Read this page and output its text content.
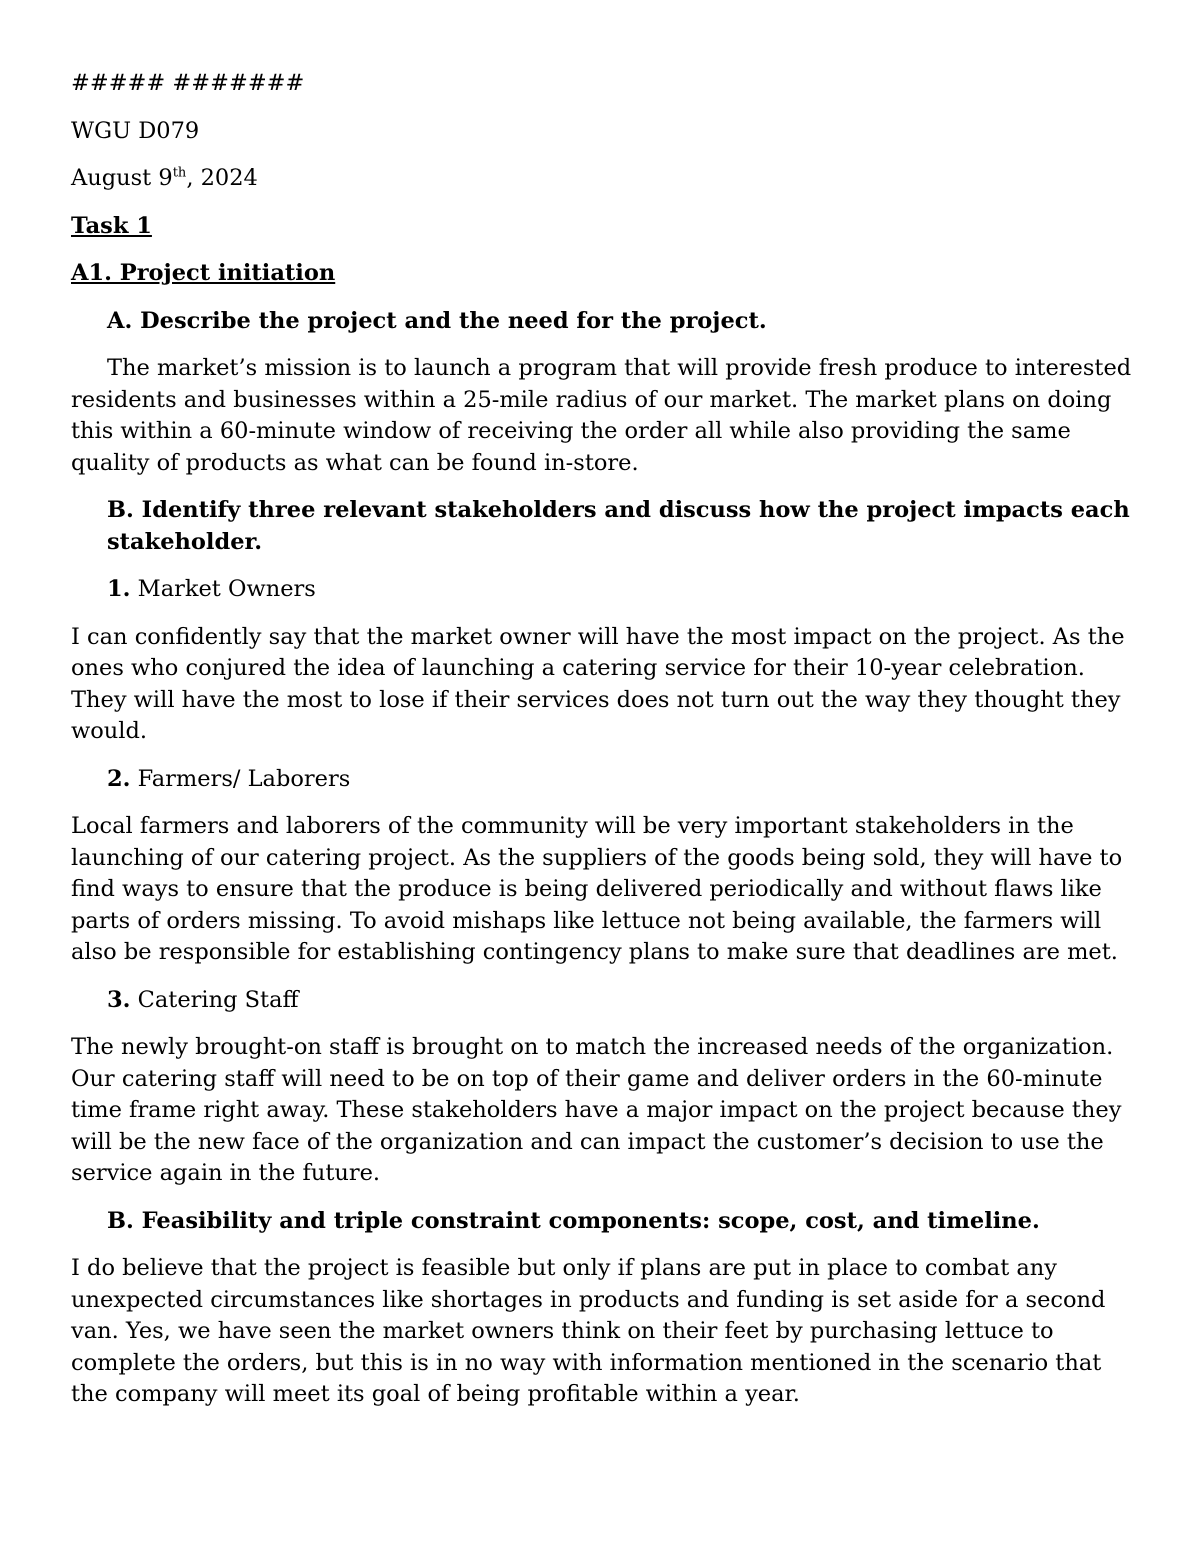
##### #######
WGU D079
August 9th, 2024
Task 1
A1. Project initiation
A. Describe the project and the need for the project.
The market’s mission is to launch a program that will provide fresh produce to interested residents and businesses within a 25-mile radius of our market. The market plans on doing this within a 60-minute window of receiving the order all while also providing the same quality of products as what can be found in-store.
B. Identify three relevant stakeholders and discuss how the project impacts each stakeholder.
1. Market Owners
I can confidently say that the market owner will have the most impact on the project. As the ones who conjured the idea of launching a catering service for their 10-year celebration. They will have the most to lose if their services does not turn out the way they thought they would.
2. Farmers/ Laborers
Local farmers and laborers of the community will be very important stakeholders in the launching of our catering project. As the suppliers of the goods being sold, they will have to find ways to ensure that the produce is being delivered periodically and without flaws like parts of orders missing. To avoid mishaps like lettuce not being available, the farmers will also be responsible for establishing contingency plans to make sure that deadlines are met.
3. Catering Staff
The newly brought-on staff is brought on to match the increased needs of the organization. Our catering staff will need to be on top of their game and deliver orders in the 60-minute time frame right away. These stakeholders have a major impact on the project because they will be the new face of the organization and can impact the customer’s decision to use the service again in the future.
B. Feasibility and triple constraint components: scope, cost, and timeline.
I do believe that the project is feasible but only if plans are put in place to combat any unexpected circumstances like shortages in products and funding is set aside for a second van. Yes, we have seen the market owners think on their feet by purchasing lettuce to complete the orders, but this is in no way with information mentioned in the scenario that the company will meet its goal of being profitable within a year.
